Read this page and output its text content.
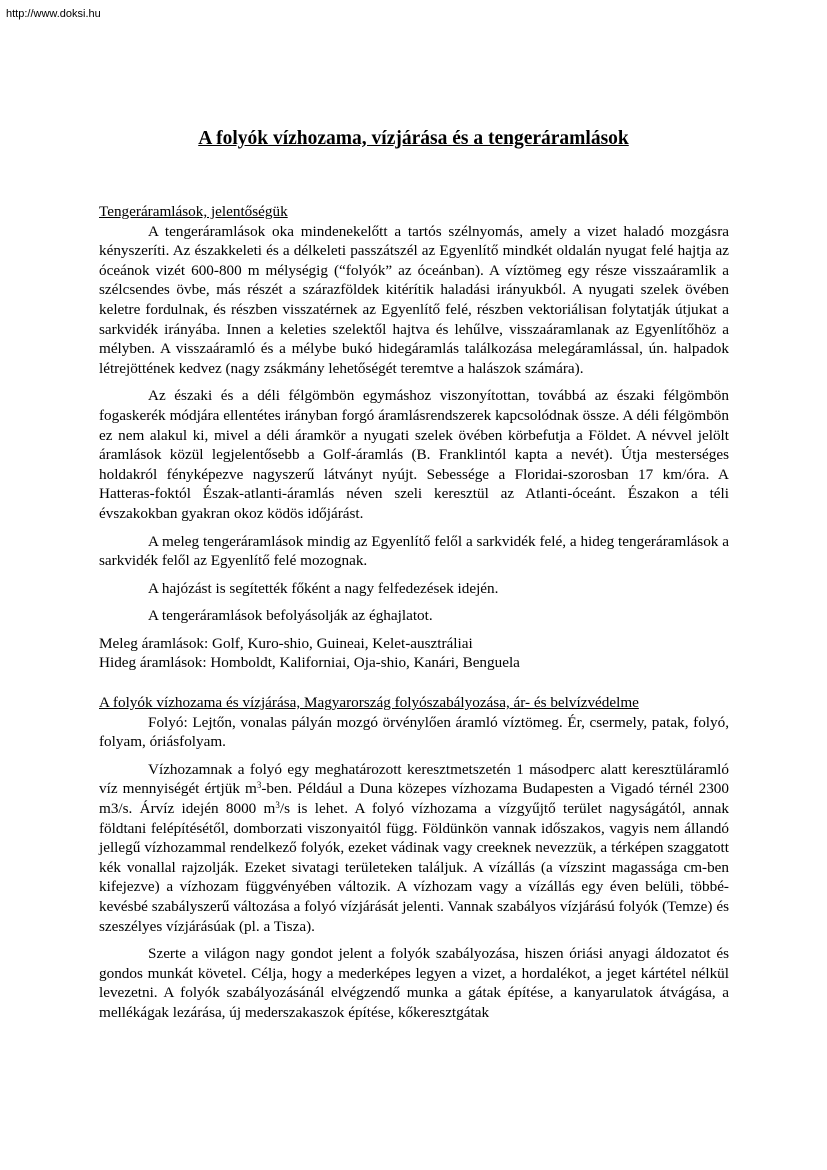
http://www.doksi.hu
A folyók vízhozama, vízjárása és a tengeráramlások
Tengeráramlások, jelentőségük

A tengeráramlások oka mindenekelőtt a tartós szélnyomás, amely a vizet haladó mozgásra kényszeríti. Az északkeleti és a délkeleti passzátszél az Egyenlítő mindkét oldalán nyugat felé hajtja az óceánok vizét 600-800 m mélységig (“folyók” az óceánban). A víztömeg egy része visszaáramlik a szélcsendes övbe, más részét a szárazföldek kitérítik haladási irányukból. A nyugati szelek övében keletre fordulnak, és részben visszatérnek az Egyenlítő felé, részben vektoriálisan folytatják útjukat a sarkvidék irányába. Innen a keleties szelektől hajtva és lehűlve, visszaáramlanak az Egyenlítőhöz a mélyben. A visszaáramló és a mélybe bukó hidegáramlás találkozása melegáramlással, ún. halpadok létrejöttének kedvez (nagy zsákmány lehetőségét teremtve a halászok számára).

Az északi és a déli félgömbön egymáshoz viszonyítottan, továbbá az északi félgömbön fogaskerék módjára ellentétes irányban forgó áramlásrendszerek kapcsolódnak össze. A déli félgömbön ez nem alakul ki, mivel a déli áramkör a nyugati szelek övében körbefutja a Földet. A névvel jelölt áramlások közül legjelentősebb a Golf-áramlás (B. Franklintól kapta a nevét). Útja mesterséges holdakról fényképezve nagyszerű látványt nyújt. Sebessége a Floridai-szorosban 17 km/óra. A Hatteras-foktól Észak-atlanti-áramlás néven szeli keresztül az Atlanti-óceánt. Északon a téli évszakokban gyakran okoz ködös időjárást.

A meleg tengeráramlások mindig az Egyenlítő felől a sarkvidék felé, a hideg tengeráramlások a sarkvidék felől az Egyenlítő felé mozognak.

A hajózást is segítették főként a nagy felfedezések idején.

A tengeráramlások befolyásolják az éghajlatot.

Meleg áramlások: Golf, Kuro-shio, Guineai, Kelet-ausztráliai

Hideg áramlások: Homboldt, Kaliforniai, Oja-shio, Kanári, Benguela

A folyók vízhozama és vízjárása, Magyarország folyószabályozása, ár- és belvízvédelme

Folyó: Lejtőn, vonalas pályán mozgó örvénylően áramló víztömeg. Ér, csermely, patak, folyó, folyam, óriásfolyam.

Vízhozamnak a folyó egy meghatározott keresztmetszetén 1 másodperc alatt keresztüláramló víz mennyiségét értjük $m^3$-ben. Például a Duna közepes vízhozama Budapesten a Vigadó térnél 2300 m3/s. Árvíz idején 8000 $m^3/s$ is lehet. A folyó vízhozama a vízgyűjtő terület nagyságától, annak földtani felépítésétől, domborzati viszonyaitól függ. Földünkön vannak időszakos, vagyis nem állandó jellegű vízhozammal rendelkező folyók, ezeket vádinak vagy creeknek nevezzük, a térképen szaggatott kék vonallal rajzolják. Ezeket sivatagi területeken találjuk. A vízállás (a vízszint magassága cm-ben kifejezve) a vízhozam függvényében változik. A vízhozam vagy a vízállás egy éven belüli, többé-kevésbé szabályszerű változása a folyó vízjárását jelenti. Vannak szabályos vízjárású folyók (Temze) és szeszélyes vízjárásúak (pl. a Tisza).

Szerte a világon nagy gondot jelent a folyók szabályozása, hiszen óriási anyagi áldozatot és gondos munkát követel. Célja, hogy a mederképes legyen a vizet, a hordalékot, a jeget kártétel nélkül levezetni. A folyók szabályozásánál elvégzendő munka a gátak építése, a kanyarulatok átvágása, a mellékágak lezárása, új mederszakaszok építése, kőkeresztgátak
